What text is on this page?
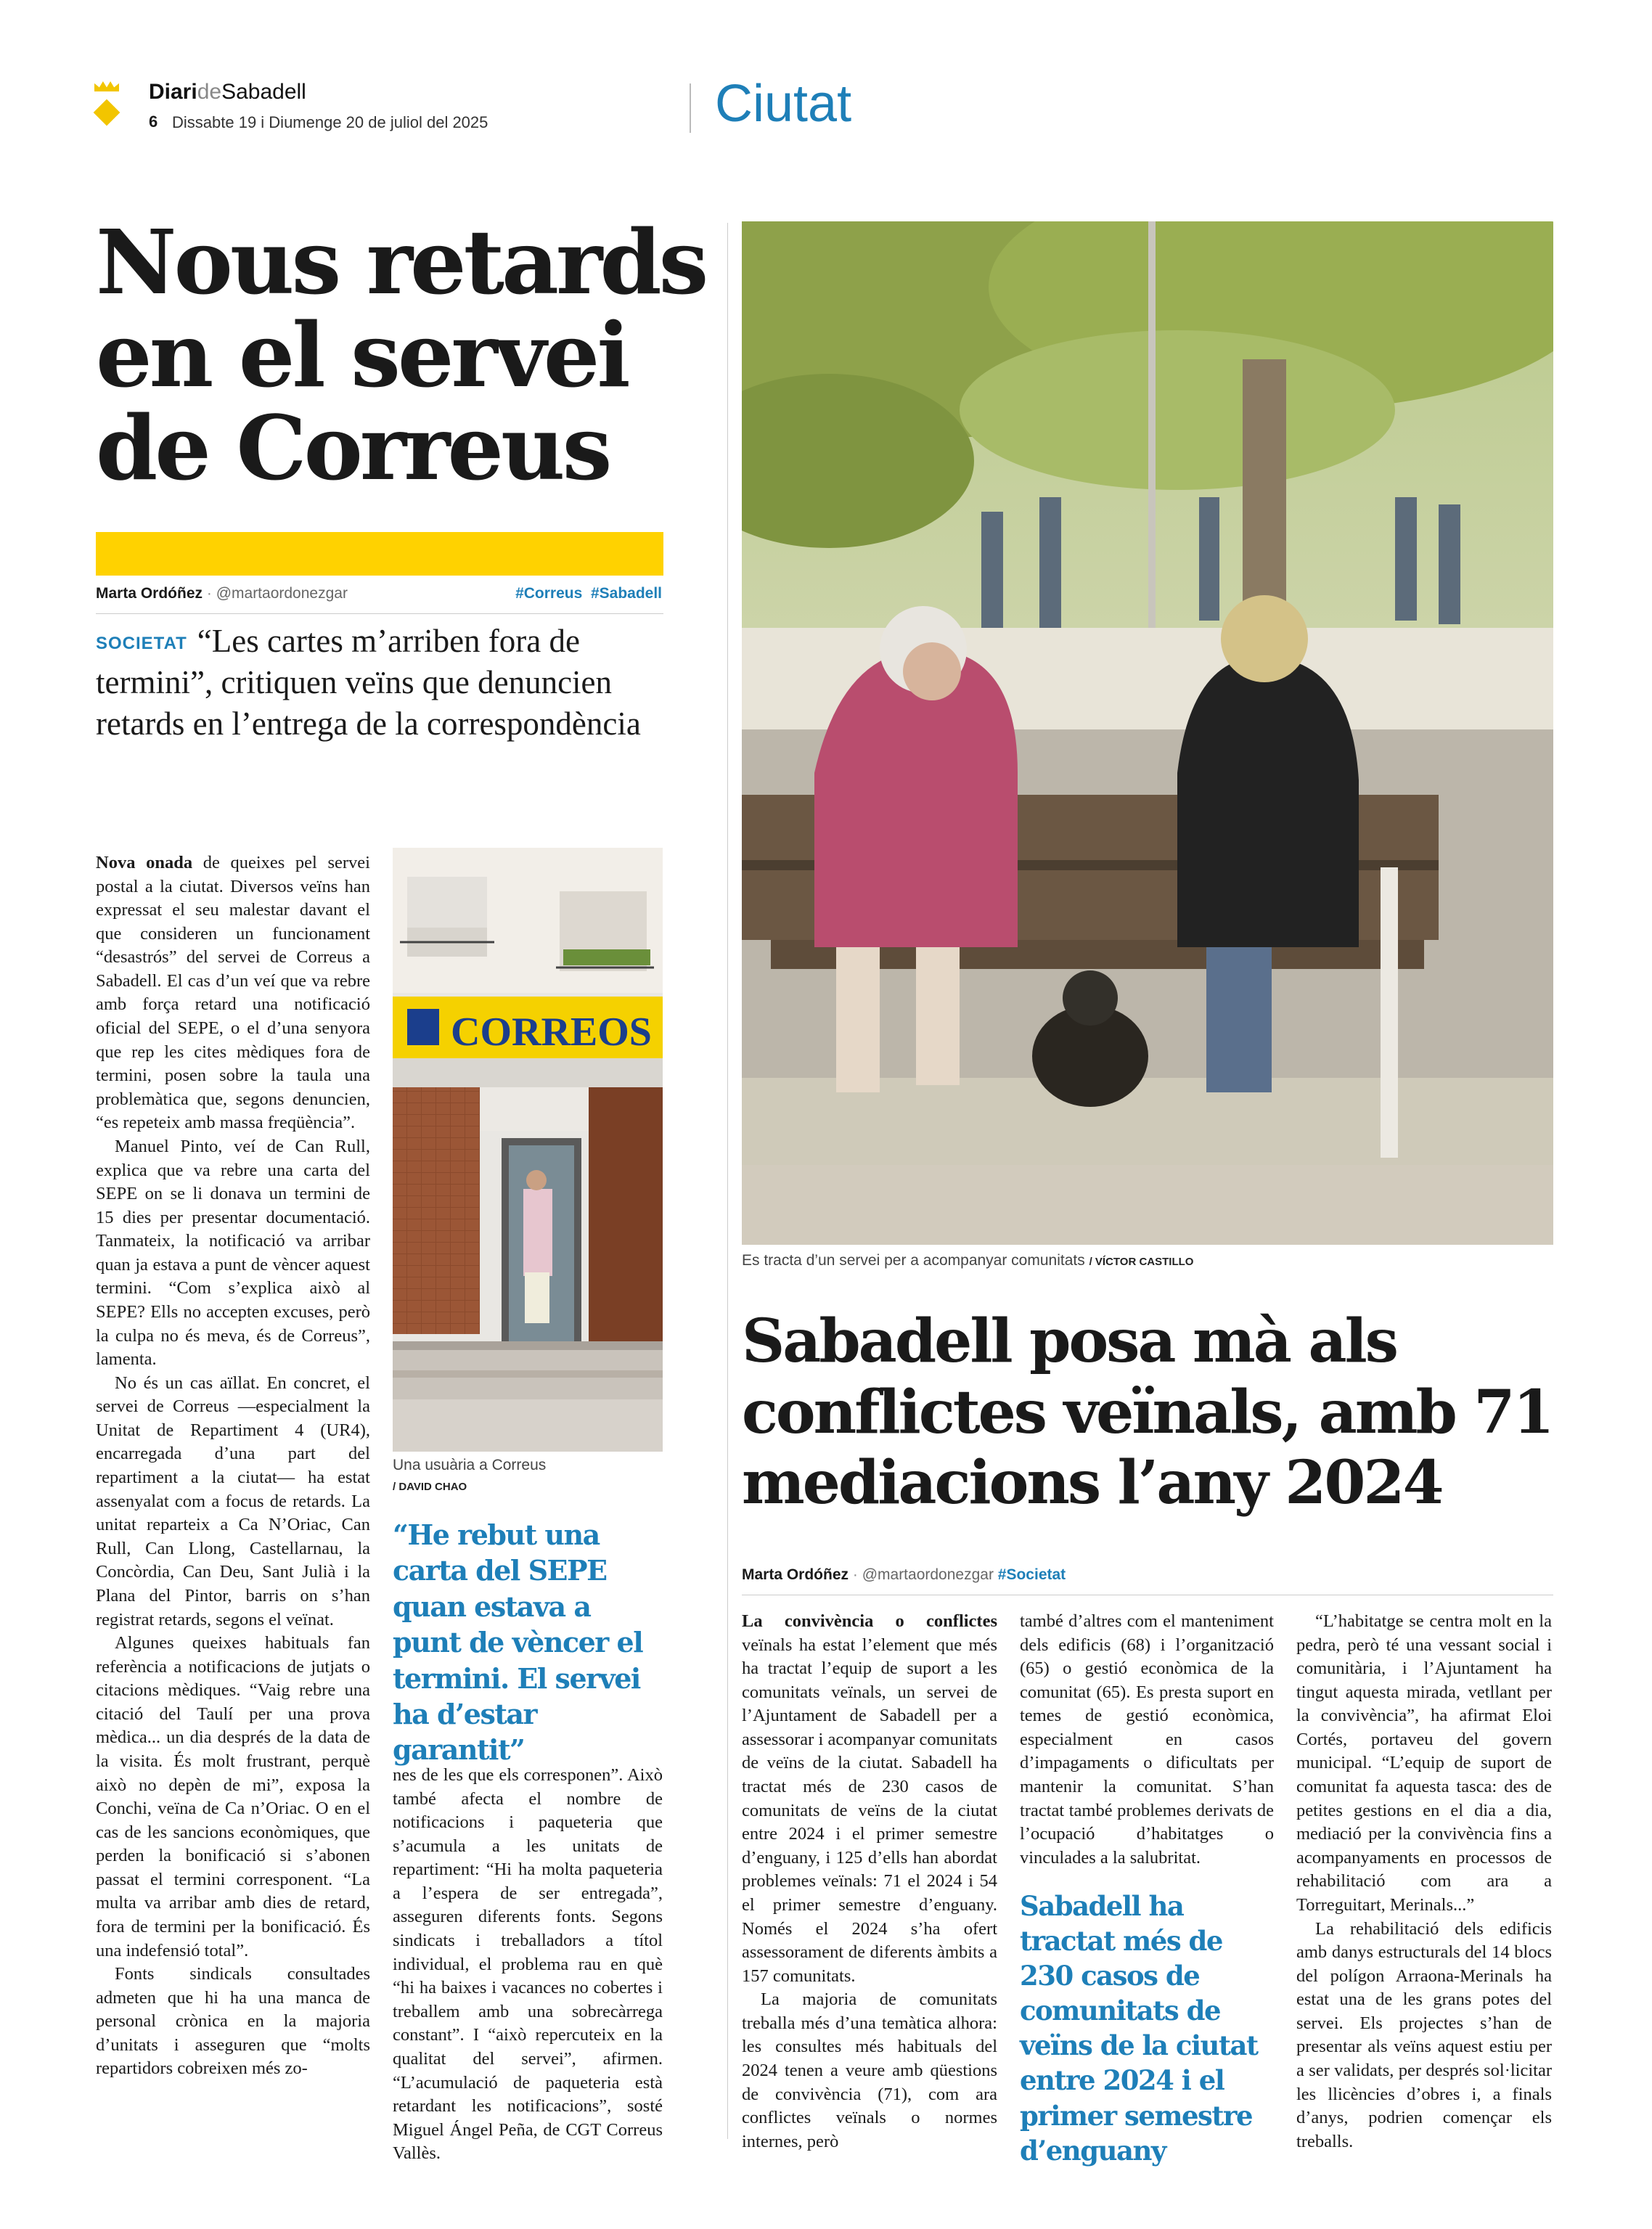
DiarideSabadell
6 Dissabte 19 i Diumenge 20 de juliol del 2025	Ciutat
Nous retards
en el servei
de Correus
Marta Ordóñez · @martaordonezgar	#Correus  #Sabadell
SOCIETAT “Les cartes m’arriben fora de termini”, critiquen veïns que denuncien retards en l’entrega de la correspondència

Nova onada de queixes pel servei postal a la ciutat. Diversos veïns han expressat el seu malestar davant el que consideren un funcionament “desastrós” del servei de Correus a Sabadell. El cas d’un veí que va rebre amb força retard una notificació oficial del SEPE, o el d’una senyora que rep les cites mèdiques fora de termini, posen sobre la taula una problemàtica que, segons denuncien, “es repeteix amb massa freqüència”.

Manuel Pinto, veí de Can Rull, explica que va rebre una carta del SEPE on se li donava un termini de 15 dies per presentar documentació. Tanmateix, la notificació va arribar quan ja estava a punt de vèncer aquest termini. “Com s’explica això al SEPE? Ells no accepten excuses, però la culpa no és meva, és de Correus”, lamenta.

No és un cas aïllat. En concret, el servei de Correus —especialment la Unitat de Repartiment 4 (UR4), encarregada d’una part del repartiment a la ciutat— ha estat assenyalat com a focus de retards. La unitat reparteix a Ca N’Oriac, Can Rull, Can Llong, Castellarnau, la Concòrdia, Can Deu, Sant Julià i la Plana del Pintor, barris on s’han registrat retards, segons el veïnat.

Algunes queixes habituals fan referència a notificacions de jutjats o citacions mèdiques. “Vaig rebre una citació del Taulí per una prova mèdica... un dia després de la data de la visita. És molt frustrant, perquè això no depèn de mi”, exposa la Conchi, veïna de Ca n’Oriac. O en el cas de les sancions econòmiques, que perden la bonificació si s’abonen passat el termini corresponent. “La multa va arribar amb dies de retard, fora de termini per la bonificació. És una indefensió total”.

Fonts sindicals consultades admeten que hi ha una manca de personal crònica en la majoria d’unitats i asseguren que “molts repartidors cobreixen més zo-

CORREOS
Una usuària a Correus
/ DAVID CHAO
“He rebut una carta del SEPE quan estava a punt de vèncer el termini. El servei ha d’estar garantit”

nes de les que els corresponen”. Això també afecta el nombre de notificacions i paqueteria que s’acumula a les unitats de repartiment: “Hi ha molta paqueteria a l’espera de ser entregada”, asseguren diferents fonts. Segons sindicats i treballadors a títol individual, el problema rau en què “hi ha baixes i vacances no cobertes i treballem amb una sobrecàrrega constant”. I “això repercuteix en la qualitat del servei”, afirmen. “L’acumulació de paqueteria està retardant les notificacions”, sosté Miguel Ángel Peña, de CGT Correus Vallès.

Es tracta d’un servei per a acompanyar comunitats / VÍCTOR CASTILLO
Sabadell posa mà als
conflictes veïnals, amb 71
mediacions l’any 2024
Marta Ordóñez · @martaordonezgar #Societat

La convivència o conflictes veïnals ha estat l’element que més ha tractat l’equip de suport a les comunitats veïnals, un servei de l’Ajuntament de Sabadell per a assessorar i acompanyar comunitats de veïns de la ciutat. Sabadell ha tractat més de 230 casos de comunitats de veïns de la ciutat entre 2024 i el primer semestre d’enguany, i 125 d’ells han abordat problemes veïnals: 71 el 2024 i 54 el primer semestre d’enguany. Només el 2024 s’ha ofert assessorament de diferents àmbits a 157 comunitats.

La majoria de comunitats treballa més d’una temàtica alhora: les consultes més habituals del 2024 tenen a veure amb qüestions de convivència (71), com ara conflictes veïnals o normes internes, però

també d’altres com el manteniment dels edificis (68) i l’organització (65) o gestió econòmica de la comunitat (65). Es presta suport en temes de gestió econòmica, especialment en casos d’impagaments o dificultats per mantenir la comunitat. S’han tractat també problemes derivats de l’ocupació d’habitatges o vinculades a la salubritat.

Sabadell ha tractat més de 230 casos de comunitats de veïns de la ciutat entre 2024 i el primer semestre d’enguany

“L’habitatge se centra molt en la pedra, però té una vessant social i comunitària, i l’Ajuntament ha tingut aquesta mirada, vetllant per la convivència”, ha afirmat Eloi Cortés, portaveu del govern municipal. “L’equip de suport de comunitat fa aquesta tasca: des de petites gestions en el dia a dia, mediació per la convivència fins a acompanyaments en processos de rehabilitació com ara a Torreguitart, Merinals...”

La rehabilitació dels edificis amb danys estructurals del 14 blocs del polígon Arraona-Merinals ha estat una de les grans potes del servei. Els projectes s’han de presentar als veïns aquest estiu per a ser validats, per després sol·licitar les llicències d’obres i, a finals d’anys, podrien començar els treballs.
